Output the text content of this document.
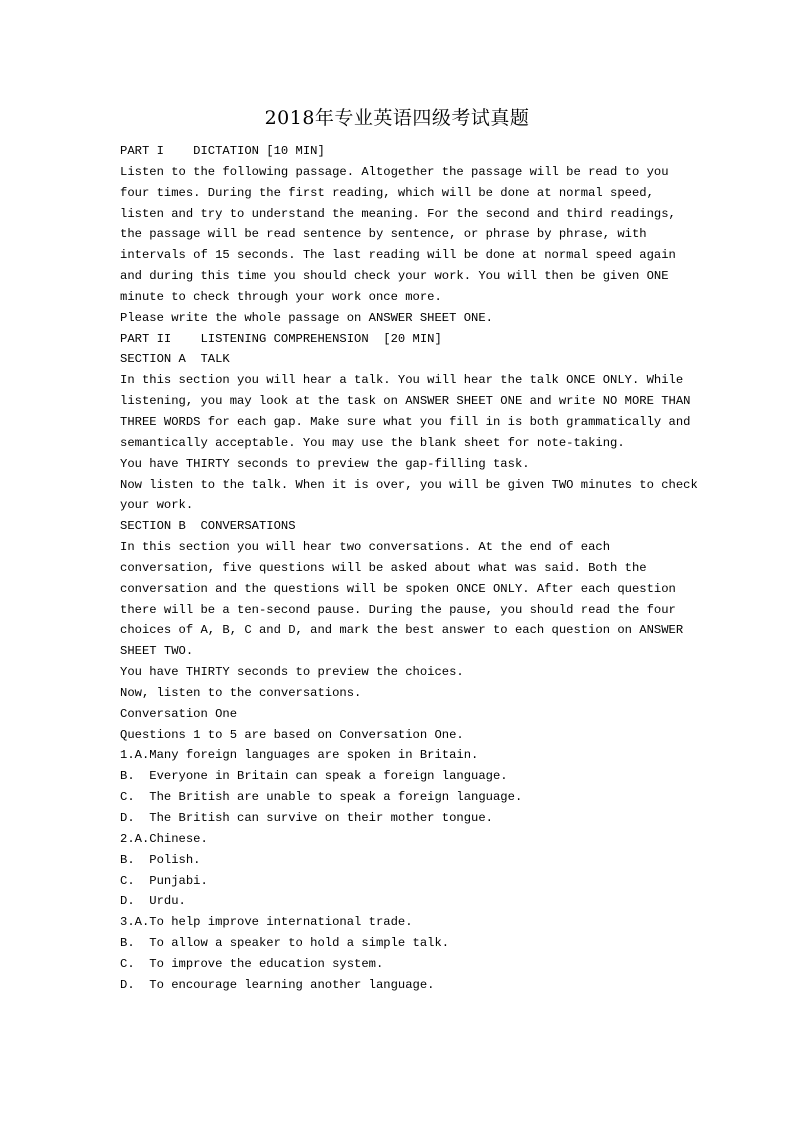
2018年专业英语四级考试真题
PART I    DICTATION [10 MIN]
Listen to the following passage. Altogether the passage will be read to you
four times. During the first reading, which will be done at normal speed,
listen and try to understand the meaning. For the second and third readings,
the passage will be read sentence by sentence, or phrase by phrase, with
intervals of 15 seconds. The last reading will be done at normal speed again
and during this time you should check your work. You will then be given ONE
minute to check through your work once more.
Please write the whole passage on ANSWER SHEET ONE.
PART II    LISTENING COMPREHENSION  [20 MIN]
SECTION A  TALK
In this section you will hear a talk. You will hear the talk ONCE ONLY. While
listening, you may look at the task on ANSWER SHEET ONE and write NO MORE THAN
THREE WORDS for each gap. Make sure what you fill in is both grammatically and
semantically acceptable. You may use the blank sheet for note-taking.
You have THIRTY seconds to preview the gap-filling task.
Now listen to the talk. When it is over, you will be given TWO minutes to check
your work.
SECTION B  CONVERSATIONS
In this section you will hear two conversations. At the end of each
conversation, five questions will be asked about what was said. Both the
conversation and the questions will be spoken ONCE ONLY. After each question
there will be a ten-second pause. During the pause, you should read the four
choices of A, B, C and D, and mark the best answer to each question on ANSWER
SHEET TWO.
You have THIRTY seconds to preview the choices.
Now, listen to the conversations.
Conversation One
Questions 1 to 5 are based on Conversation One.
1.A.Many foreign languages are spoken in Britain.
B.  Everyone in Britain can speak a foreign language.
C.  The British are unable to speak a foreign language.
D.  The British can survive on their mother tongue.
2.A.Chinese.
B.  Polish.
C.  Punjabi.
D.  Urdu.
3.A.To help improve international trade.
B.  To allow a speaker to hold a simple talk.
C.  To improve the education system.
D.  To encourage learning another language.
